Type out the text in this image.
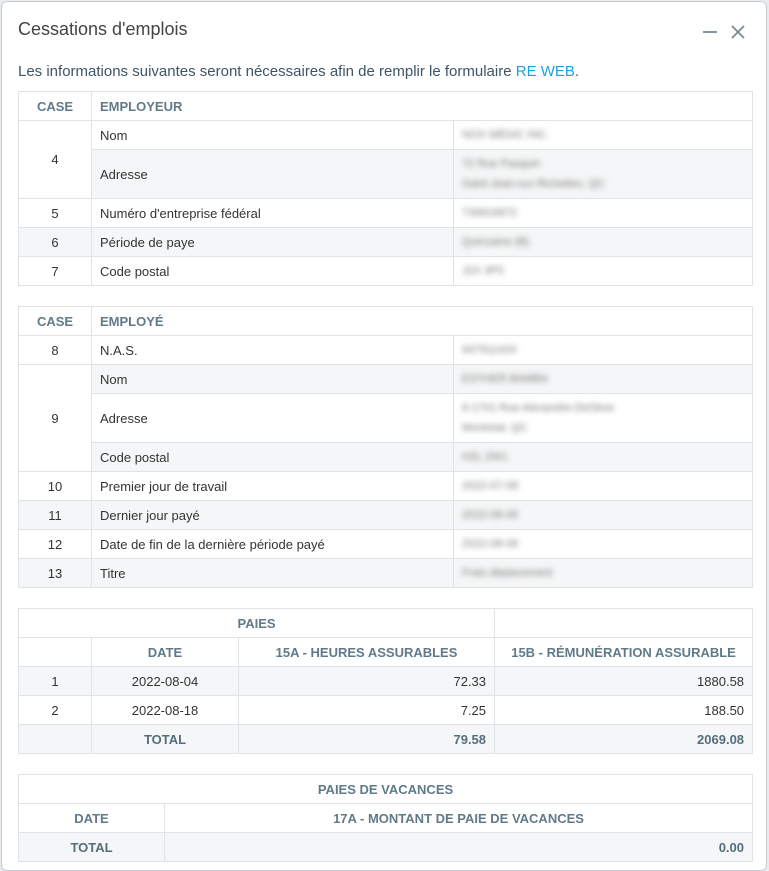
Cessations d'emplois
Les informations suivantes seront nécessaires afin de remplir le formulaire RE WEB.
CASE	EMPLOYEUR	
4	Nom	NOX MÉDIC INC.

	Adresse	72 Rue Pasquin
Saint-Jean-sur-Richelieu, QC

5	Numéro d'entreprise fédéral	739916872

6	Période de paye	Quinzaine (B)

7	Code postal	J2X 3P5
CASE	EMPLOYÉ	
8	N.A.S.	947911424

9	Nom	ESTHER BAMBA

	Adresse	6-1701 Rue Alexandre-DeSève
Montréal, QC

	Code postal	H2L 2W1

10	Premier jour de travail	2022-07-08

11	Dernier jour payé	2022-08-06

12	Date de fin de la dernière période payé	2022-08-06

13	Titre	Frais déplacement
PAIES			
	DATE	15A - HEURES ASSURABLES	15B - RÉMUNÉRATION ASSURABLE
1	2022-08-04	72.33	1880.58
2	2022-08-18	7.25	188.50
	TOTAL	79.58	2069.08
PAIES DE VACANCES	
DATE	17A - MONTANT DE PAIE DE VACANCES
TOTAL	0.00
